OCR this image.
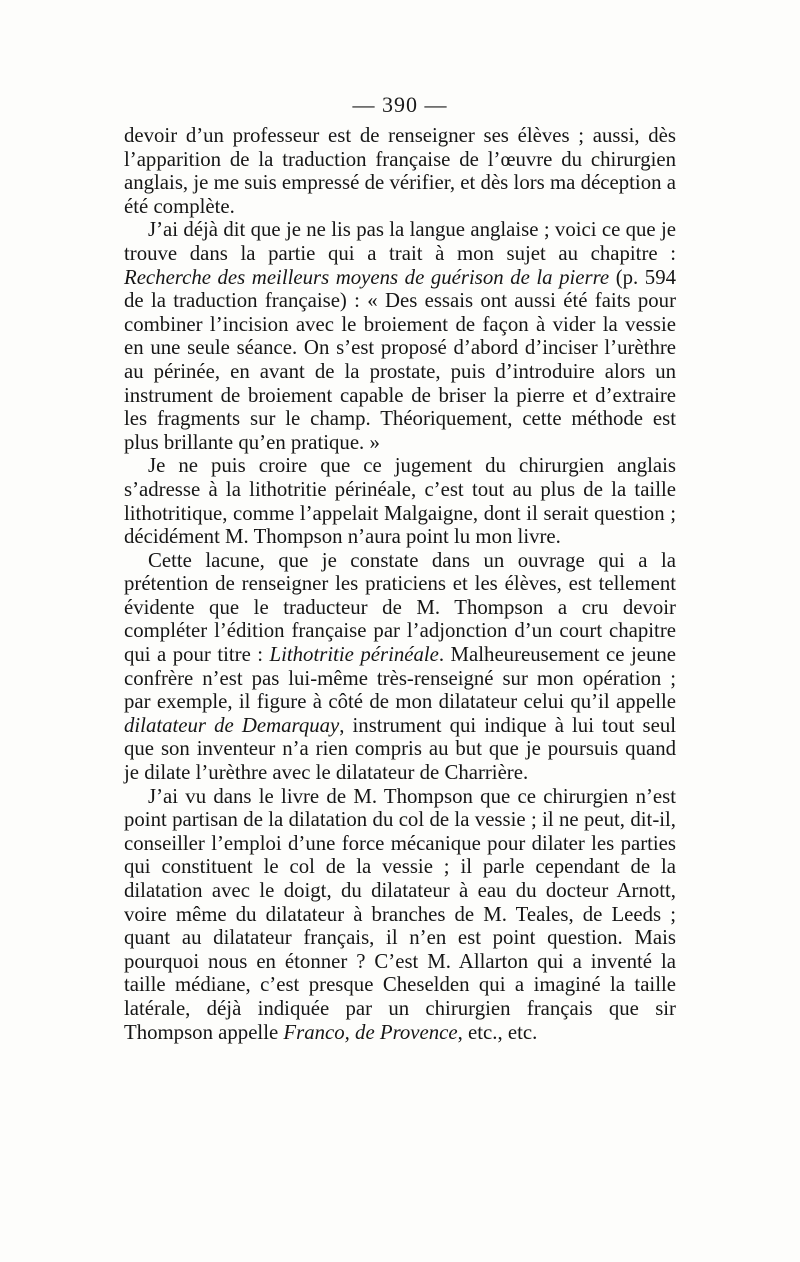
— 390 —

devoir d’un professeur est de renseigner ses élèves ; aussi, dès l’apparition de la traduction française de l’œuvre du chirurgien anglais, je me suis empressé de vérifier, et dès lors ma déception a été complète.

J’ai déjà dit que je ne lis pas la langue anglaise ; voici ce que je trouve dans la partie qui a trait à mon sujet au chapitre : Recherche des meilleurs moyens de guérison de la pierre (p. 594 de la traduction française) : « Des essais ont aussi été faits pour combiner l’incision avec le broiement de façon à vider la vessie en une seule séance. On s’est proposé d’abord d’inciser l’urèthre au périnée, en avant de la prostate, puis d’introduire alors un instrument de broiement capable de briser la pierre et d’extraire les fragments sur le champ. Théoriquement, cette méthode est plus brillante qu’en pratique. »

Je ne puis croire que ce jugement du chirurgien anglais s’adresse à la lithotritie périnéale, c’est tout au plus de la taille lithotritique, comme l’appelait Malgaigne, dont il serait question ; décidément M. Thompson n’aura point lu mon livre.

Cette lacune, que je constate dans un ouvrage qui a la prétention de renseigner les praticiens et les élèves, est tellement évidente que le traducteur de M. Thompson a cru devoir compléter l’édition française par l’adjonction d’un court chapitre qui a pour titre : Lithotritie périnéale. Malheureusement ce jeune confrère n’est pas lui-même très-renseigné sur mon opération ; par exemple, il figure à côté de mon dilatateur celui qu’il appelle dilatateur de Demarquay, instrument qui indique à lui tout seul que son inventeur n’a rien compris au but que je poursuis quand je dilate l’urèthre avec le dilatateur de Charrière.

J’ai vu dans le livre de M. Thompson que ce chirurgien n’est point partisan de la dilatation du col de la vessie ; il ne peut, dit-il, conseiller l’emploi d’une force mécanique pour dilater les parties qui constituent le col de la vessie ; il parle cependant de la dilatation avec le doigt, du dilatateur à eau du docteur Arnott, voire même du dilatateur à branches de M. Teales, de Leeds ; quant au dilatateur français, il n’en est point question. Mais pourquoi nous en étonner ? C’est M. Allarton qui a inventé la taille médiane, c’est presque Cheselden qui a imaginé la taille latérale, déjà indiquée par un chirurgien français que sir Thompson appelle Franco, de Provence, etc., etc.
